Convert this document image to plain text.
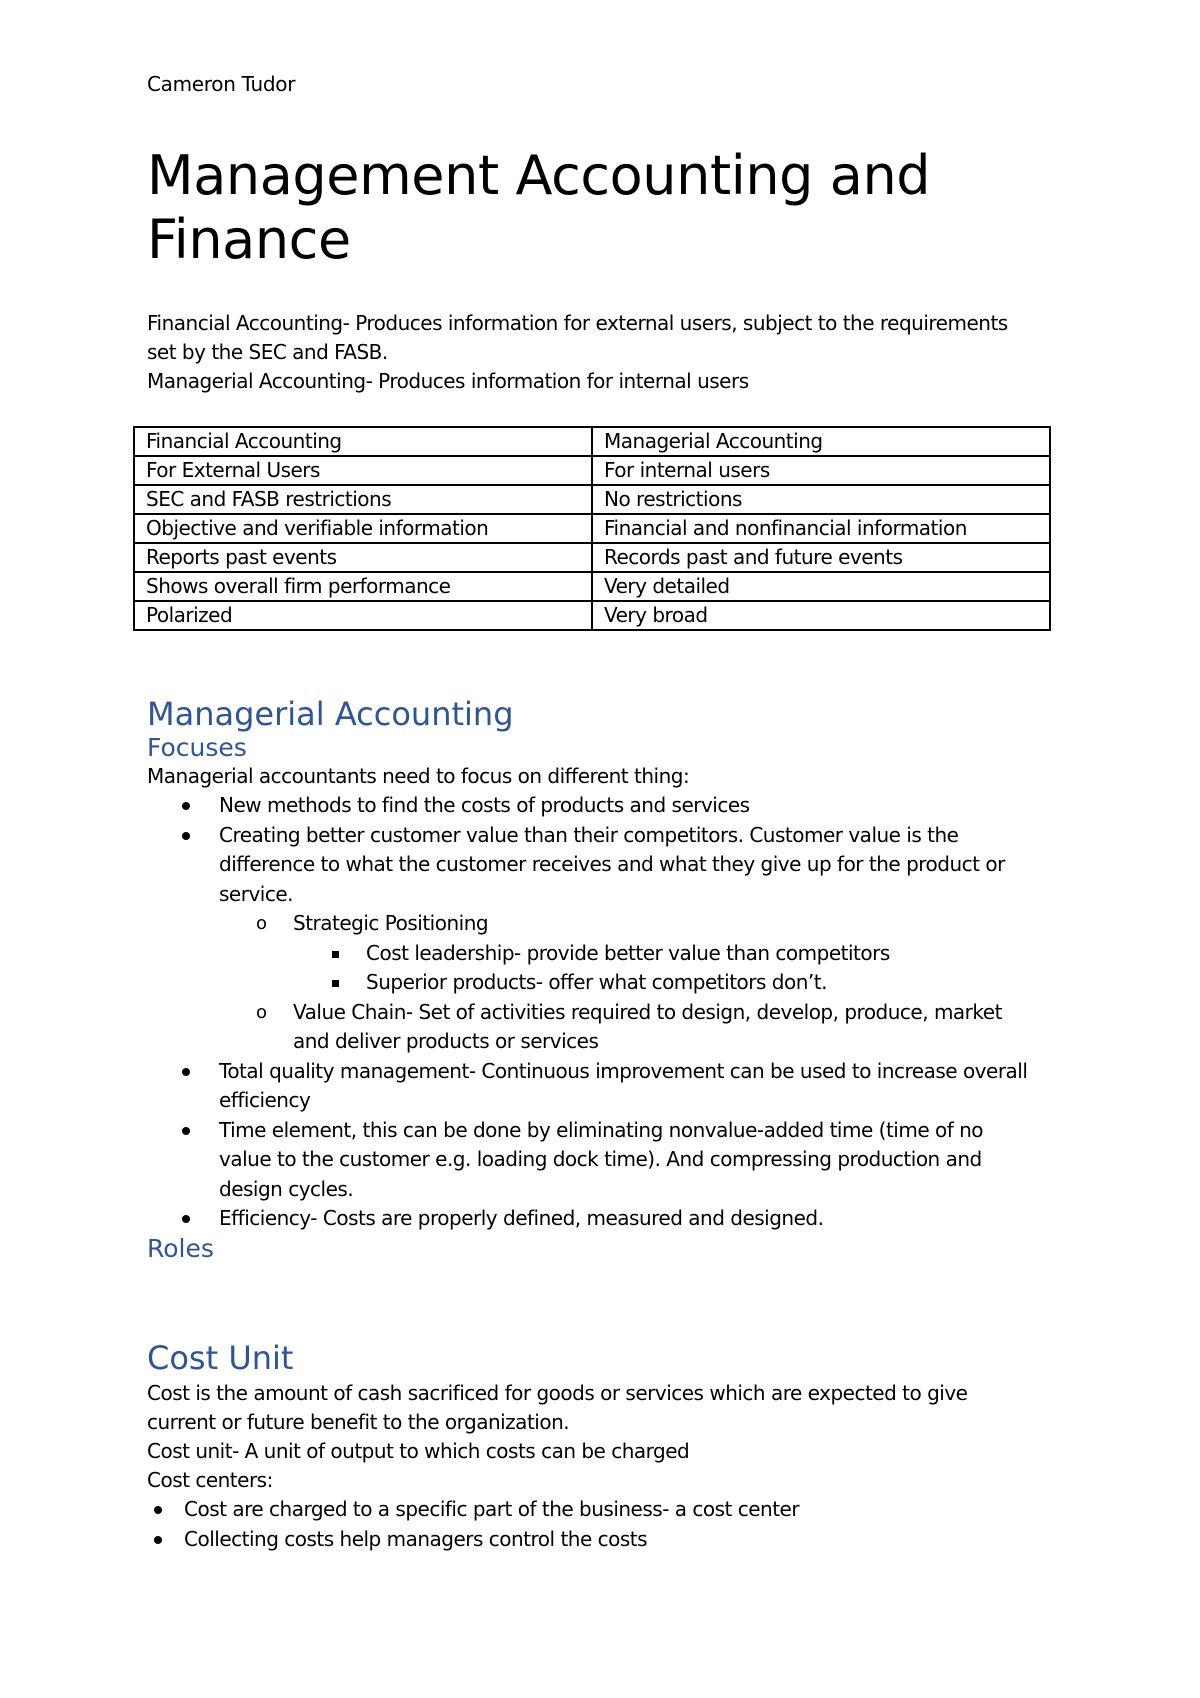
Cameron Tudor
Management Accounting and
Finance

Financial Accounting- Produces information for external users, subject to the requirements

set by the SEC and FASB.

Managerial Accounting- Produces information for internal users

Financial Accounting	Managerial Accounting
For External Users	For internal users
SEC and FASB restrictions	No restrictions
Objective and verifiable information	Financial and nonfinancial information
Reports past events	Records past and future events
Shows overall firm performance	Very detailed
Polarized	Very broad
Managerial Accounting
Focuses

Managerial accountants need to focus on different thing:

New methods to find the costs of products and services
Creating better customer value than their competitors. Customer value is the
difference to what the customer receives and what they give up for the product or
service.
o Strategic Positioning
Cost leadership- provide better value than competitors
Superior products- offer what competitors don’t.
o Value Chain- Set of activities required to design, develop, produce, market
and deliver products or services
Total quality management- Continuous improvement can be used to increase overall
efficiency
Time element, this can be done by eliminating nonvalue-added time (time of no
value to the customer e.g. loading dock time). And compressing production and
design cycles.
Efficiency- Costs are properly defined, measured and designed.
Roles
Cost Unit

Cost is the amount of cash sacrificed for goods or services which are expected to give
current or future benefit to the organization.

Cost unit- A unit of output to which costs can be charged

Cost centers:

Cost are charged to a specific part of the business- a cost center
Collecting costs help managers control the costs
